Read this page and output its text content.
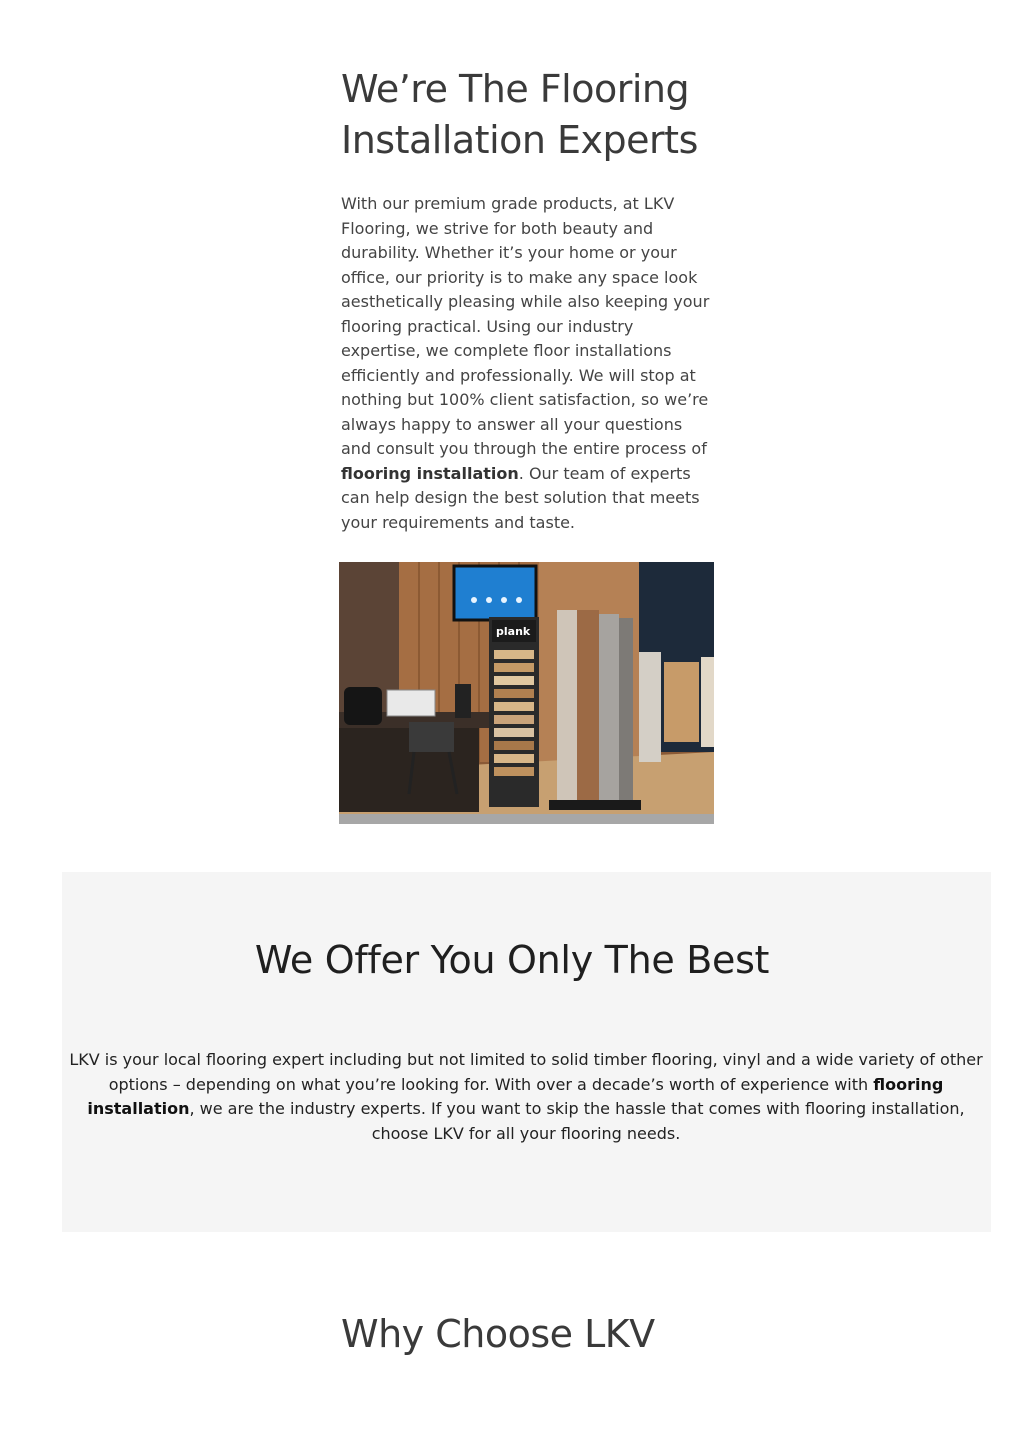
We’re The Flooring
Installation Experts

With our premium grade products, at LKV Flooring, we strive for both beauty and durability. Whether it’s your home or your office, our priority is to make any space look aesthetically pleasing while also keeping your flooring practical. Using our industry expertise, we complete floor installations efficiently and professionally. We will stop at nothing but 100% client satisfaction, so we’re always happy to answer all your questions and consult you through the entire process of flooring installation. Our team of experts can help design the best solution that meets your requirements and taste.

plank
We Offer You Only The Best

LKV is your local flooring expert including but not limited to solid timber flooring, vinyl and a wide variety of other options – depending on what you’re looking for. With over a decade’s worth of experience with flooring installation, we are the industry experts. If you want to skip the hassle that comes with flooring installation, choose LKV for all your flooring needs.

Why Choose LKV
